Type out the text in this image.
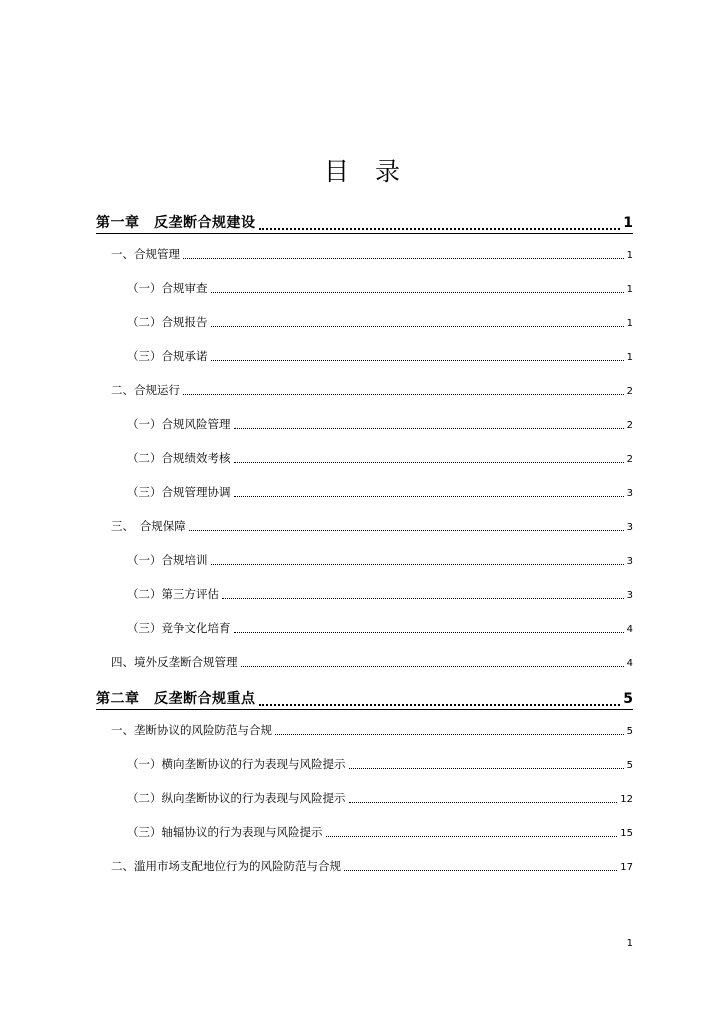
目录
第一章　反垄断合规建设	1
一、合规管理	1
（一）合规审查	1
（二）合规报告	1
（三）合规承诺	1
二、合规运行	2
（一）合规风险管理	2
（二）合规绩效考核	2
（三）合规管理协调	3
三、　合规保障	3
（一）合规培训	3
（二）第三方评估	3
（三）竞争文化培育	4
四、境外反垄断合规管理	4
第二章　反垄断合规重点	5
一、垄断协议的风险防范与合规	5
（一）横向垄断协议的行为表现与风险提示	5
（二）纵向垄断协议的行为表现与风险提示	12
（三）轴辐协议的行为表现与风险提示	15
二、滥用市场支配地位行为的风险防范与合规	17
1
